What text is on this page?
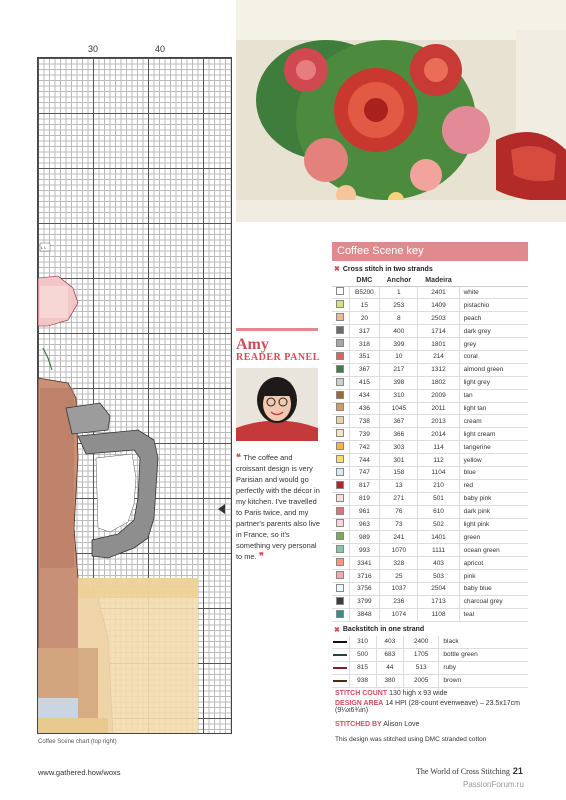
30	40
L L
Coffee Scene chart (top right)
Amy
READER PANEL
❝ The coffee and croissant design is very Parisian and would go perfectly with the décor in my kitchen. I've travelled to Paris twice, and my partner's parents also live in France, so it's something very personal to me. ❞
Coffee Scene key
✖ Cross stitch in two strands
	DMC	Anchor	Madeira	
	B5200	1	2401	white
	15	253	1409	pistachio
	20	8	2503	peach
	317	400	1714	dark grey
	318	399	1801	grey
	351	10	214	coral
	367	217	1312	almond green
	415	398	1802	light grey
	434	310	2009	tan
	436	1045	2011	light tan
	738	367	2013	cream
	739	366	2014	light cream
	742	303	114	tangerine
	744	301	112	yellow
	747	158	1104	blue
	817	13	210	red
	819	271	501	baby pink
	961	76	610	dark pink
	963	73	502	light pink
	989	241	1401	green
	993	1070	1111	ocean green
	3341	328	403	apricot
	3716	25	503	pink
	3756	1037	2504	baby blue
	3799	236	1713	charcoal grey
	3848	1074	1108	teal
✖ Backstitch in one strand
	310	403	2400	black
	500	683	1705	bottle green
	815	44	513	ruby
	938	380	2005	brown
STITCH COUNT 130 high x 93 wide
DESIGN AREA 14 HPI (28-count evenweave) – 23.5x17cm (9¼x6¾in)
STITCHED BY Alison Love
This design was stitched using DMC stranded cotton
www.gathered.how/woxs	The World of Cross Stitching 21
PassionForum.ru
